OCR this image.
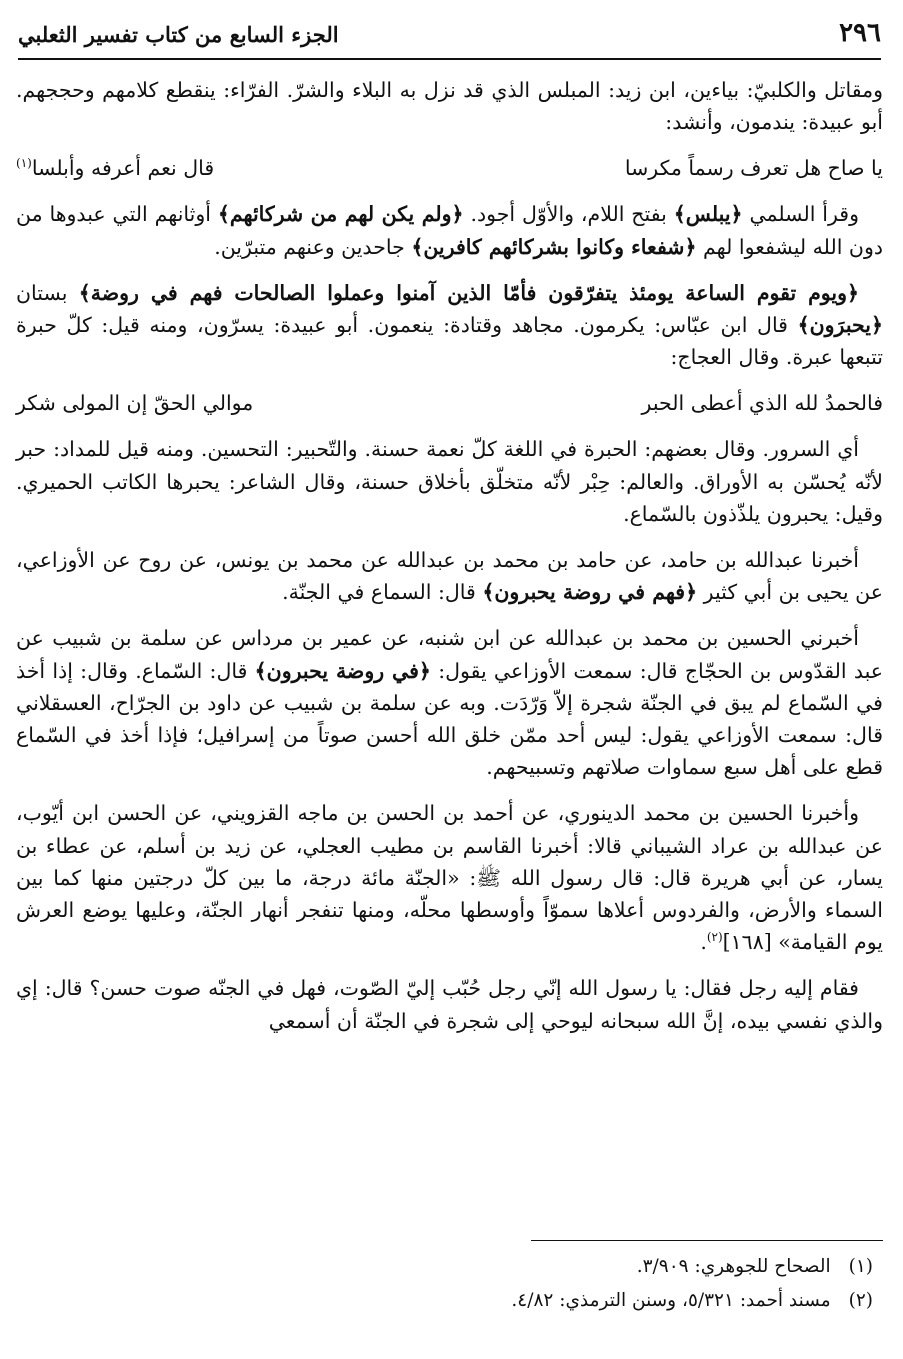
٢٩٦
الجزء السابع من كتاب تفسير الثعلبي

ومقاتل والكلبيّ: بياءين، ابن زيد: المبلس الذي قد نزل به البلاء والشرّ. الفرّاء: ينقطع كلامهم وحججهم. أبو عبيدة: يندمون، وأنشد:

يا صاح هل تعرف رسماً مكرسا
قال نعم أعرفه وأبلسا$^{(١)}$

وقرأ السلمي ﴿يبلس﴾ بفتح اللام، والأوّل أجود. ﴿ولم يكن لهم من شركائهم﴾ أوثانهم التي عبدوها من دون الله ليشفعوا لهم ﴿شفعاء وكانوا بشركائهم كافرين﴾ جاحدين وعنهم متبرّين.

﴿ويوم تقوم الساعة يومئذ يتفرّقون فأمّا الذين آمنوا وعملوا الصالحات فهم في روضة﴾ بستان ﴿يحبرَون﴾ قال ابن عبّاس: يكرمون. مجاهد وقتادة: ينعمون. أبو عبيدة: يسرّون، ومنه قيل: كلّ حبرة تتبعها عبرة. وقال العجاج:

فالحمدُ لله الذي أعطى الحبر
موالي الحقّ إن المولى شكر

أي السرور. وقال بعضهم: الحبرة في اللغة كلّ نعمة حسنة. والتّحبير: التحسين. ومنه قيل للمداد: حبر لأنّه يُحسّن به الأوراق. والعالم: حِبْر لأنّه متخلّق بأخلاق حسنة، وقال الشاعر: يحبرها الكاتب الحميري. وقيل: يحبرون يلذّذون بالسّماع.

أخبرنا عبدالله بن حامد، عن حامد بن محمد بن عبدالله عن محمد بن يونس، عن روح عن الأوزاعي، عن يحيى بن أبي كثير ﴿فهم في روضة يحبرون﴾ قال: السماع في الجنّة.

أخبرني الحسين بن محمد بن عبدالله عن ابن شنبه، عن عمير بن مرداس عن سلمة بن شبيب عن عبد القدّوس بن الحجّاج قال: سمعت الأوزاعي يقول: ﴿في روضة يحبرون﴾ قال: السّماع. وقال: إذا أخذ في السّماع لم يبق في الجنّة شجرة إلاّ وَرّدَت. وبه عن سلمة بن شبيب عن داود بن الجرّاح، العسقلاني قال: سمعت الأوزاعي يقول: ليس أحد ممّن خلق الله أحسن صوتاً من إسرافيل؛ فإذا أخذ في السّماع قطع على أهل سبع سماوات صلاتهم وتسبيحهم.

وأخبرنا الحسين بن محمد الدينوري، عن أحمد بن الحسن بن ماجه القزويني، عن الحسن ابن أيّوب، عن عبدالله بن عراد الشيباني قالا: أخبرنا القاسم بن مطيب العجلي، عن زيد بن أسلم، عن عطاء بن يسار، عن أبي هريرة قال: قال رسول الله ﷺ: «الجنّة مائة درجة، ما بين كلّ درجتين منها كما بين السماء والأرض، والفردوس أعلاها سموّاً وأوسطها محلّه، ومنها تنفجر أنهار الجنّة، وعليها يوضع العرش يوم القيامة» [١٦٨]$^{(٢)}$.

فقام إليه رجل فقال: يا رسول الله إنّي رجل حُبّب إليّ الصّوت، فهل في الجنّه صوت حسن؟ قال: إي والذي نفسي بيده، إنَّ الله سبحانه ليوحي إلى شجرة في الجنّة أن أسمعي

(١)الصحاح للجوهري: ٣/٩٠٩.
(٢)مسند أحمد: ٥/٣٢١، وسنن الترمذي: ٤/٨٢.
